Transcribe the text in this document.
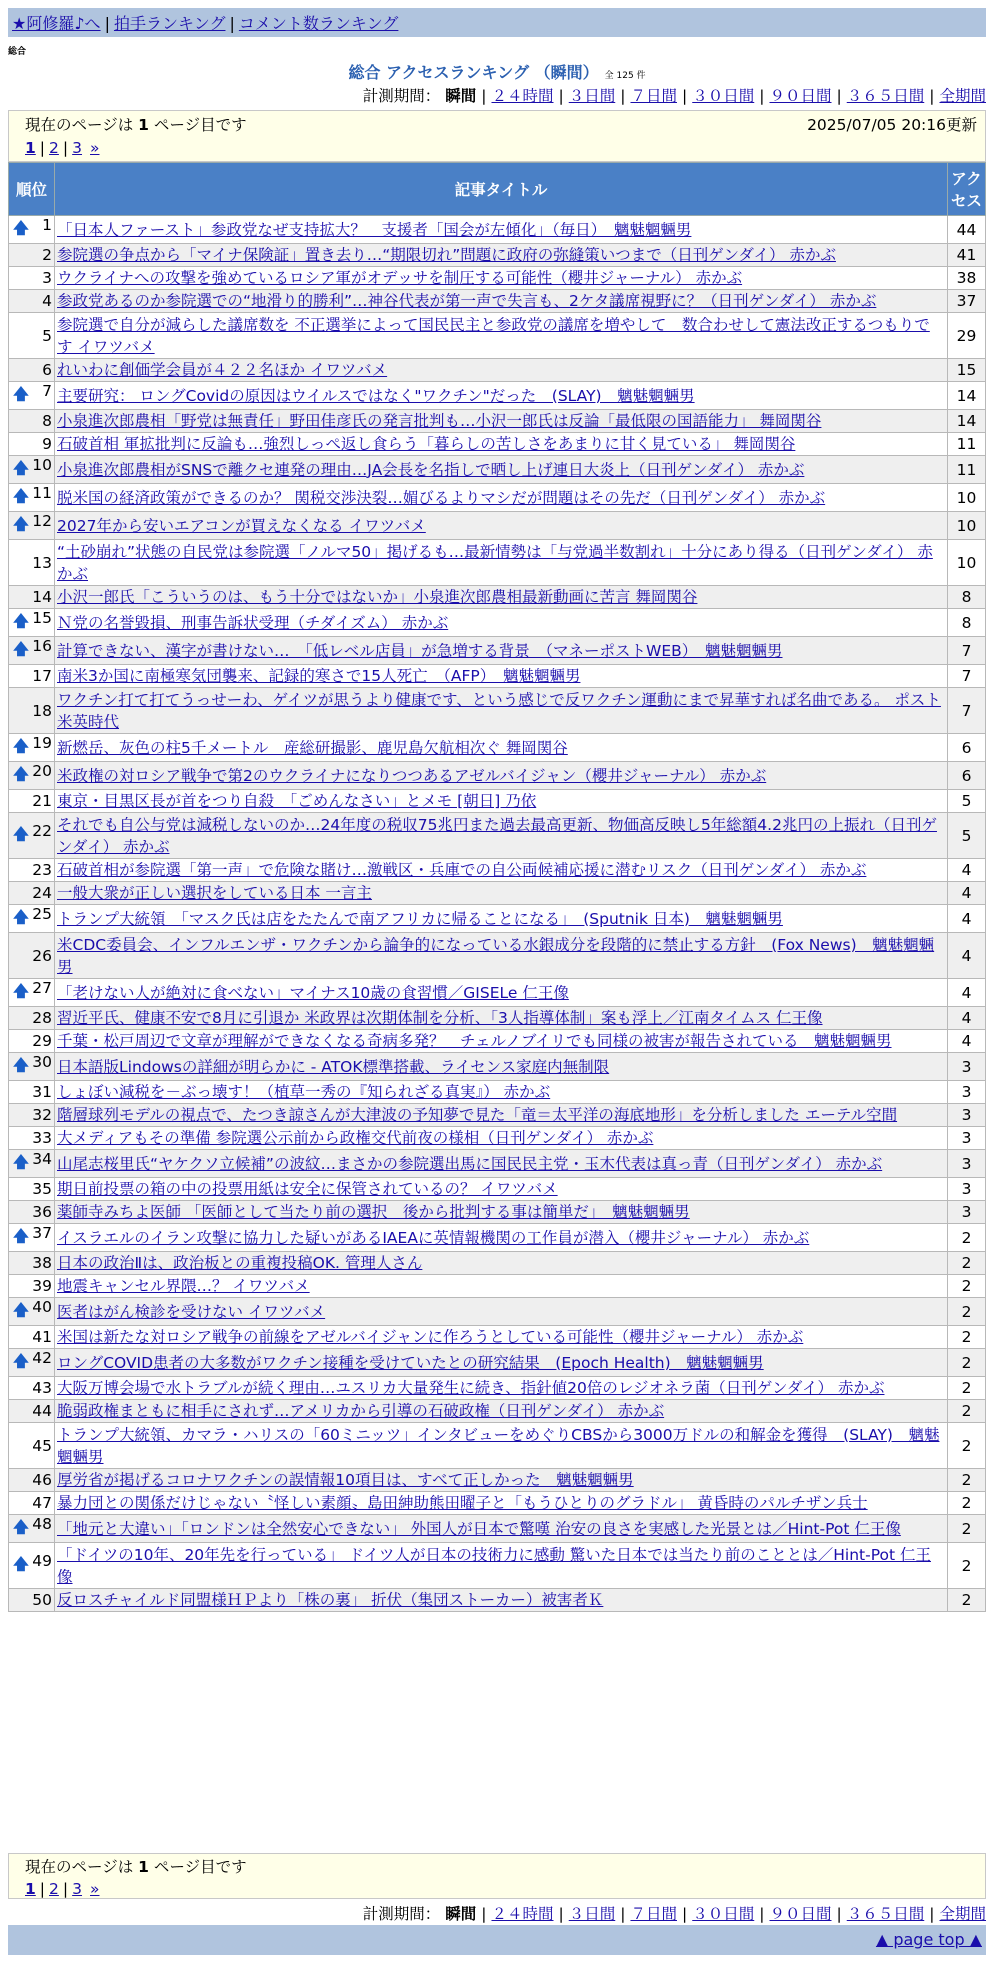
★阿修羅♪へ | 拍手ランキング | コメント数ランキング
総合
総合 アクセスランキング （瞬間） 全 125 件
計測期間： 瞬間 | ２４時間 | ３日間 | ７日間 | ３０日間 | ９０日間 | ３６５日間 | 全期間
現在のページは 1 ページ目です	2025/07/05 20:16更新
1 | 2 | 3 »
順位	記事タイトル	アクセス

🡅 1	「日本人ファースト」参政党なぜ支持拡大？　支援者「国会が左傾化」（毎日）　魑魅魍魎男	44
2	参院選の争点から「マイナ保険証」置き去り…“期限切れ”問題に政府の弥縫策いつまで（日刊ゲンダイ） 赤かぶ	41
3	ウクライナへの攻撃を強めているロシア軍がオデッサを制圧する可能性（櫻井ジャーナル） 赤かぶ	38
4	参政党あるのか参院選での“地滑り的勝利”…神谷代表が第一声で失言も、2ケタ議席視野に？（日刊ゲンダイ） 赤かぶ	37
5	参院選で自分が減らした議席数を 不正選挙によって国民民主と参政党の議席を増やして　数合わせして憲法改正するつもりです イワツバメ	29
6	れいわに創価学会員が４２２名ほか イワツバメ	15

🡅 7	主要研究： ロングCovidの原因はウイルスではなく"ワクチン"だった　(SLAY)　魑魅魍魎男	14
8	小泉進次郎農相「野党は無責任」野田佳彦氏の発言批判も…小沢一郎氏は反論「最低限の国語能力」 舞岡関谷	14
9	石破首相 軍拡批判に反論も…強烈しっぺ返し食らう「暮らしの苦しさをあまりに甘く見ている」 舞岡関谷	11

🡅 10	小泉進次郎農相がSNSで離クセ連発の理由…JA会長を名指しで晒し上げ連日大炎上（日刊ゲンダイ） 赤かぶ	11

🡅 11	脱米国の経済政策ができるのか？ 関税交渉決裂…媚びるよりマシだが問題はその先だ（日刊ゲンダイ） 赤かぶ	10

🡅 12	2027年から安いエアコンが買えなくなる イワツバメ	10
13	“土砂崩れ”状態の自民党は参院選「ノルマ50」掲げるも…最新情勢は「与党過半数割れ」十分にあり得る（日刊ゲンダイ） 赤かぶ	10
14	小沢一郎氏「こういうのは、もう十分ではないか」小泉進次郎農相最新動画に苦言 舞岡関谷	8

🡅 15	Ｎ党の名誉毀損、刑事告訴状受理（チダイズム） 赤かぶ	8

🡅 16	計算できない、漢字が書けない…　「低レベル店員」が急増する背景　（マネーポストWEB）　魑魅魍魎男	7
17	南米3か国に南極寒気団襲来、記録的寒さで15人死亡　（AFP）　魑魅魍魎男	7
18	ワクチン打て打てうっせーわ、ゲイツが思うより健康です、という感じで反ワクチン運動にまで昇華すれば名曲である。 ポスト米英時代	7

🡅 19	新燃岳、灰色の柱5千メートル　産総研撮影、鹿児島欠航相次ぐ 舞岡関谷	6

🡅 20	米政権の対ロシア戦争で第2のウクライナになりつつあるアゼルバイジャン（櫻井ジャーナル） 赤かぶ	6
21	東京・目黒区長が首をつり自殺　「ごめんなさい」とメモ [朝日] 乃依	5

🡅 22	それでも自公与党は減税しないのか…24年度の税収75兆円また過去最高更新、物価高反映し5年総額4.2兆円の上振れ（日刊ゲンダイ） 赤かぶ	5
23	石破首相が参院選「第一声」で危険な賭け…激戦区・兵庫での自公両候補応援に潜むリスク（日刊ゲンダイ） 赤かぶ	4
24	一般大衆が正しい選択をしている日本 一言主	4

🡅 25	トランプ大統領　「マスク氏は店をたたんで南アフリカに帰ることになる」　(Sputnik 日本)　魑魅魍魎男	4
26	米CDC委員会、インフルエンザ・ワクチンから論争的になっている水銀成分を段階的に禁止する方針　(Fox News)　魑魅魍魎男	4

🡅 27	「老けない人が絶対に食べない」マイナス10歳の食習慣／GISELe 仁王像	4
28	習近平氏、健康不安で8月に引退か 米政界は次期体制を分析、「3人指導体制」案も浮上／江南タイムス 仁王像	4
29	千葉・松戸周辺で文章が理解ができなくなる奇病多発？　チェルノブイリでも同様の被害が報告されている　魑魅魍魎男	4

🡅 30	日本語版Lindowsの詳細が明らかに - ATOK標準搭載、ライセンス家庭内無制限	3
31	しょぼい減税を－ぶっ壊す！（植草一秀の『知られざる真実』） 赤かぶ	3
32	階層球列モデルの視点で、たつき諒さんが大津波の予知夢で見た「竜＝太平洋の海底地形」を分析しました エーテル空間	3
33	大メディアもその準備 参院選公示前から政権交代前夜の様相（日刊ゲンダイ） 赤かぶ	3

🡅 34	山尾志桜里氏“ヤケクソ立候補”の波紋…まさかの参院選出馬に国民民主党・玉木代表は真っ青（日刊ゲンダイ） 赤かぶ	3
35	期日前投票の箱の中の投票用紙は安全に保管されているの？ イワツバメ	3
36	薬師寺みちよ医師 「医師として当たり前の選択　後から批判する事は簡単だ」　魑魅魍魎男	3

🡅 37	イスラエルのイラン攻撃に協力した疑いがあるIAEAに英情報機関の工作員が潜入（櫻井ジャーナル） 赤かぶ	2
38	日本の政治Ⅱは、政治板との重複投稿OK. 管理人さん	2
39	地震キャンセル界隈…？ イワツバメ	2

🡅 40	医者はがん検診を受けない イワツバメ	2
41	米国は新たな対ロシア戦争の前線をアゼルバイジャンに作ろうとしている可能性（櫻井ジャーナル） 赤かぶ	2

🡅 42	ロングCOVID患者の大多数がワクチン接種を受けていたとの研究結果　(Epoch Health)　魑魅魍魎男	2
43	大阪万博会場で水トラブルが続く理由…ユスリカ大量発生に続き、指針値20倍のレジオネラ菌（日刊ゲンダイ） 赤かぶ	2
44	脆弱政権まともに相手にされず…アメリカから引導の石破政権（日刊ゲンダイ） 赤かぶ	2
45	トランプ大統領、カマラ・ハリスの「60ミニッツ」インタビューをめぐりCBSから3000万ドルの和解金を獲得　(SLAY)　魑魅魍魎男	2
46	厚労省が掲げるコロナワクチンの誤情報10項目は、すべて正しかった　魑魅魍魎男	2
47	暴力団との関係だけじゃない〝怪しい素顔〟島田紳助熊田曜子と「もうひとりのグラドル」 黄昏時のパルチザン兵士	2

🡅 48	「地元と大違い」「ロンドンは全然安心できない」 外国人が日本で驚嘆 治安の良さを実感した光景とは／Hint-Pot 仁王像	2

🡅 49	「ドイツの10年、20年先を行っている」 ドイツ人が日本の技術力に感動 驚いた日本では当たり前のこととは／Hint-Pot 仁王像	2
50	反ロスチャイルド同盟様ＨＰより「株の裏」 折伏（集団ストーカー）被害者Ｋ	2
現在のページは 1 ページ目です
1 | 2 | 3 »
計測期間： 瞬間 | ２４時間 | ３日間 | ７日間 | ３０日間 | ９０日間 | ３６５日間 | 全期間
▲ page top ▲
